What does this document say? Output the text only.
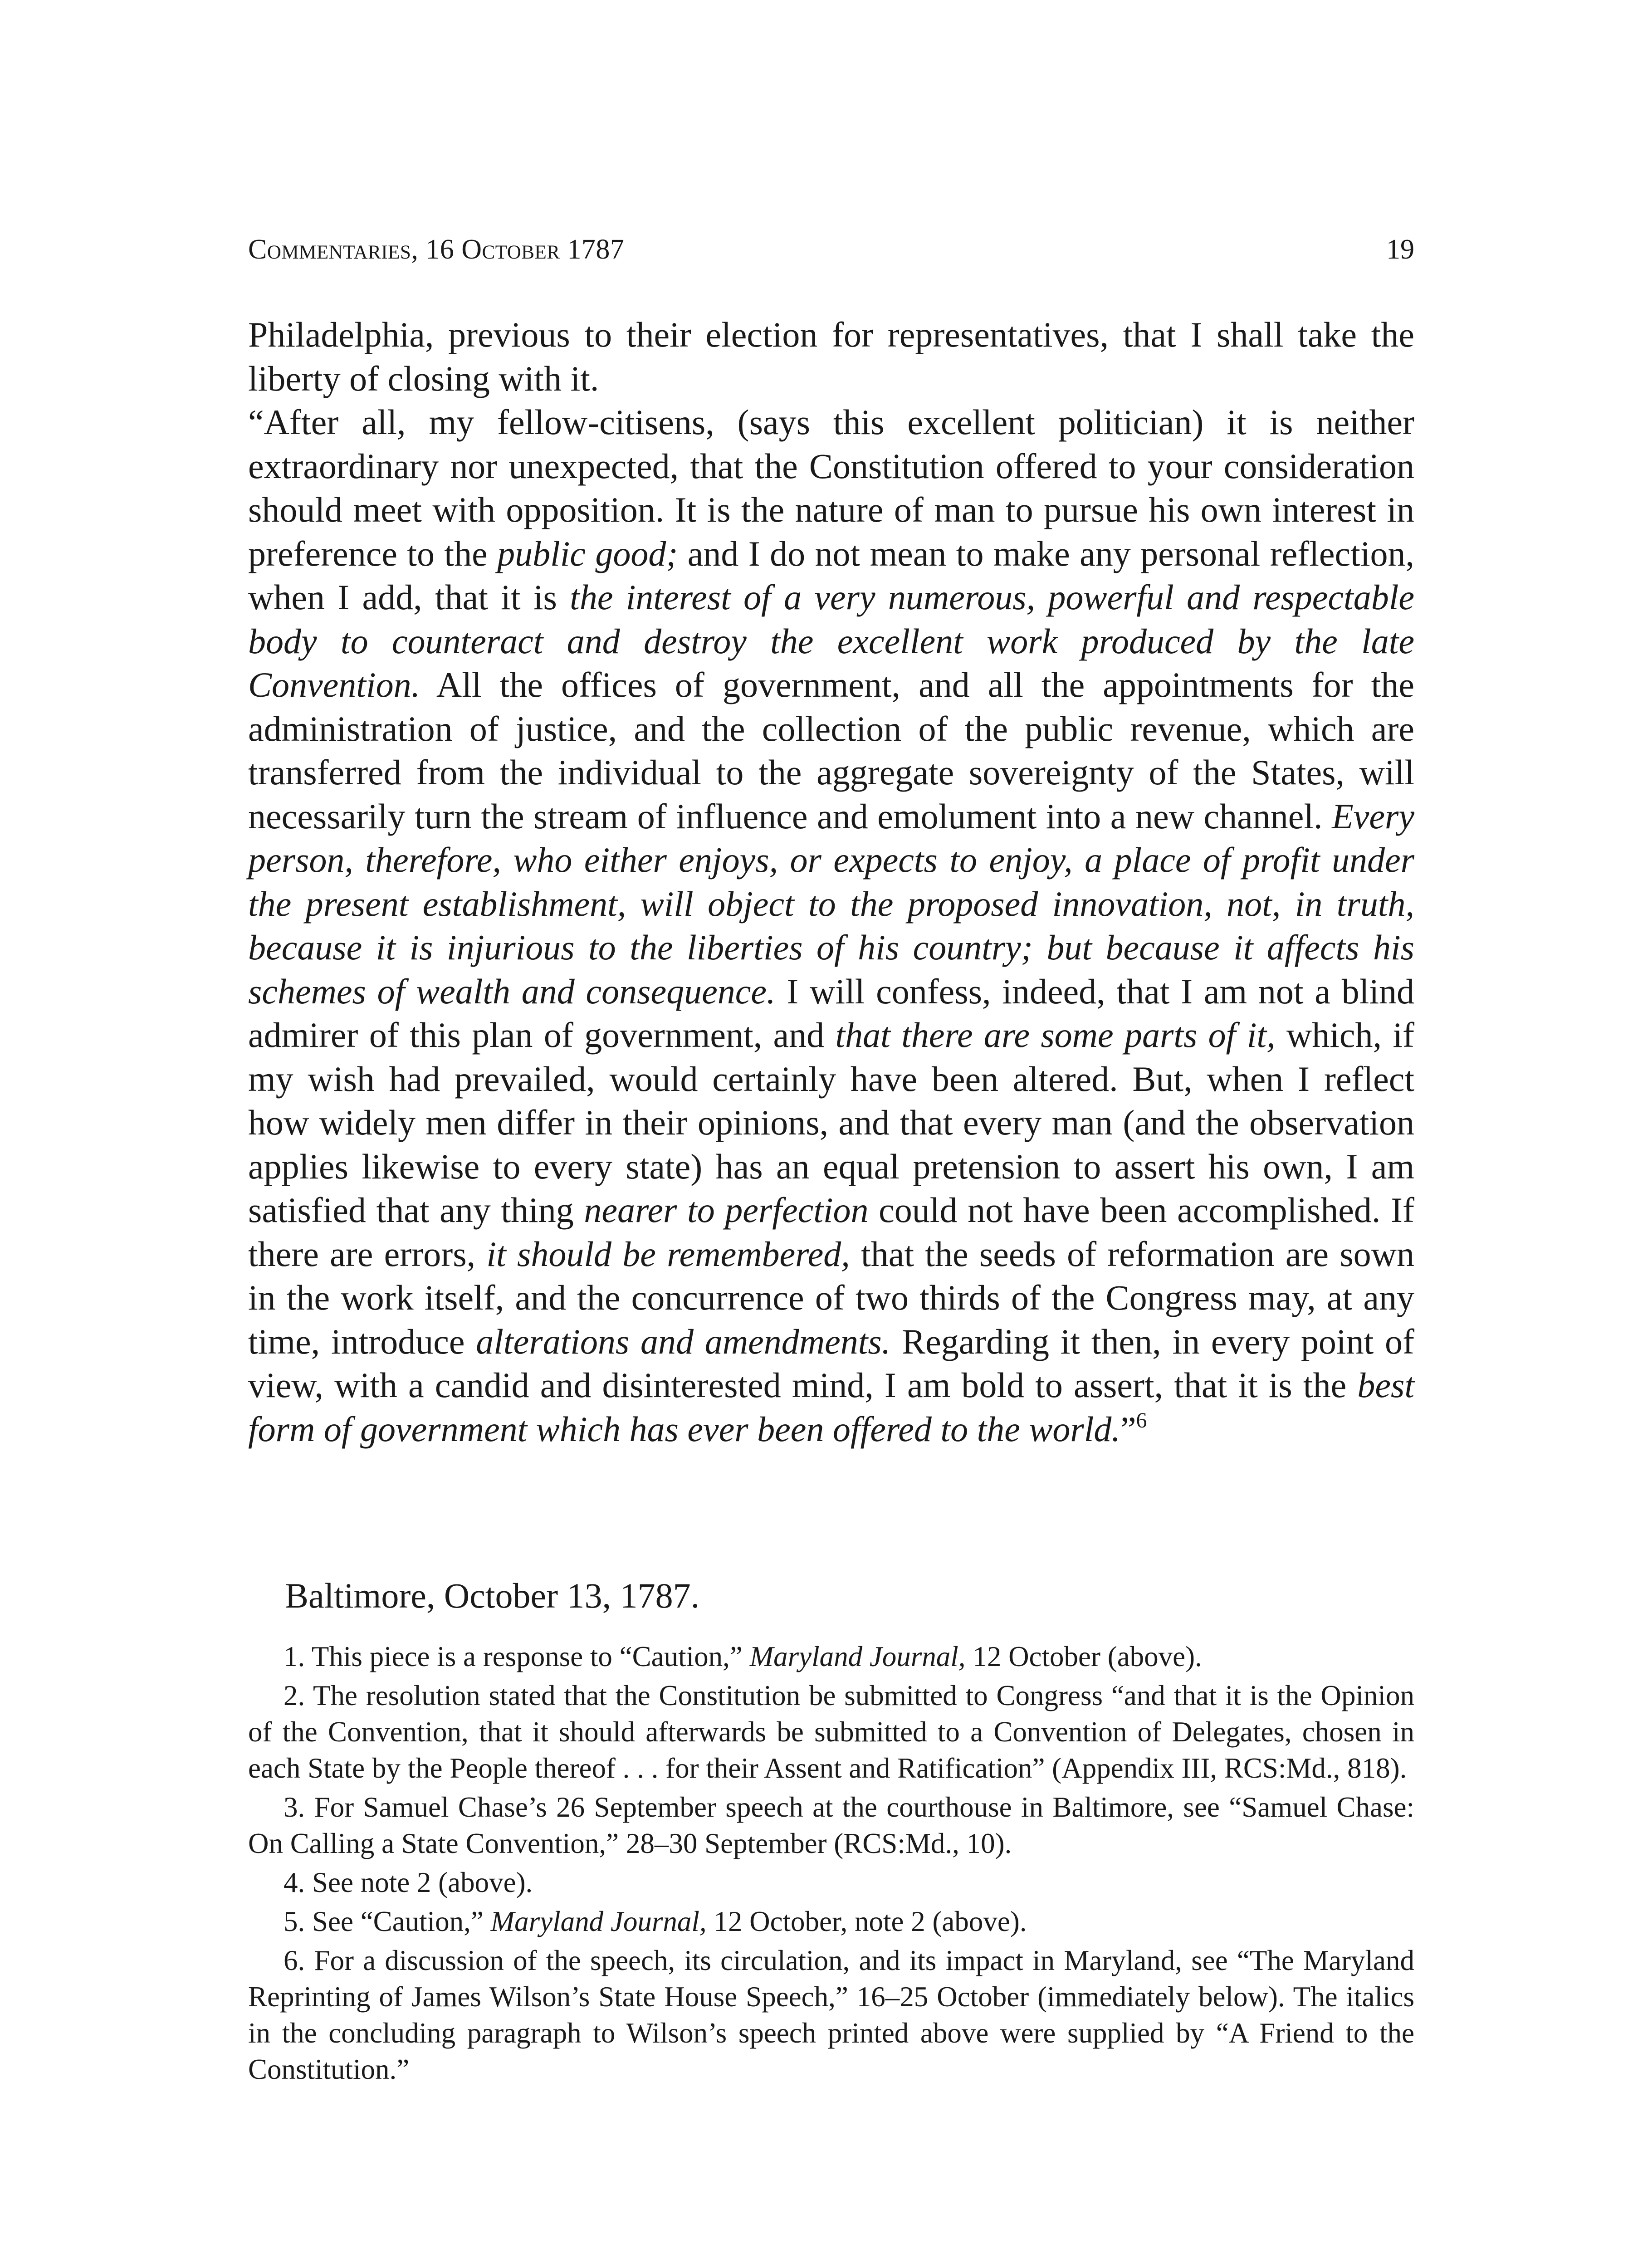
Commentaries, 16 October 1787	19

Philadelphia, previous to their election for representatives, that I shall take the liberty of closing with it.

“After all, my fellow-citisens, (says this excellent politician) it is neither extraordinary nor unexpected, that the Constitution offered to your consideration should meet with opposition. It is the nature of man to pursue his own interest in preference to the public good; and I do not mean to make any personal reflection, when I add, that it is the interest of a very numerous, powerful and respectable body to counteract and destroy the excellent work produced by the late Convention. All the offices of government, and all the appointments for the administration of justice, and the collection of the public revenue, which are transferred from the individual to the aggregate sovereignty of the States, will necessarily turn the stream of influence and emolument into a new channel. Every person, therefore, who either enjoys, or expects to enjoy, a place of profit under the present establishment, will object to the proposed innovation, not, in truth, because it is injurious to the liberties of his country; but because it affects his schemes of wealth and consequence. I will confess, indeed, that I am not a blind admirer of this plan of government, and that there are some parts of it, which, if my wish had prevailed, would certainly have been altered. But, when I reflect how widely men differ in their opinions, and that every man (and the observation applies likewise to every state) has an equal pretension to assert his own, I am satisfied that any thing nearer to perfection could not have been accomplished. If there are errors, it should be remembered, that the seeds of reformation are sown in the work itself, and the concurrence of two thirds of the Congress may, at any time, introduce alterations and amendments. Regarding it then, in every point of view, with a candid and disinterested mind, I am bold to assert, that it is the best form of government which has ever been offered to the world.”$^6$

Baltimore, October 13, 1787.

1. This piece is a response to “Caution,” Maryland Journal, 12 October (above).

2. The resolution stated that the Constitution be submitted to Congress “and that it is the Opinion of the Convention, that it should afterwards be submitted to a Convention of Delegates, chosen in each State by the People thereof . . . for their Assent and Ratification” (Appendix III, RCS:Md., 818).

3. For Samuel Chase’s 26 September speech at the courthouse in Baltimore, see “Samuel Chase: On Calling a State Convention,” 28–30 September (RCS:Md., 10).

4. See note 2 (above).

5. See “Caution,” Maryland Journal, 12 October, note 2 (above).

6. For a discussion of the speech, its circulation, and its impact in Maryland, see “The Maryland Reprinting of James Wilson’s State House Speech,” 16–25 October (immediately below). The italics in the concluding paragraph to Wilson’s speech printed above were supplied by “A Friend to the Constitution.”
